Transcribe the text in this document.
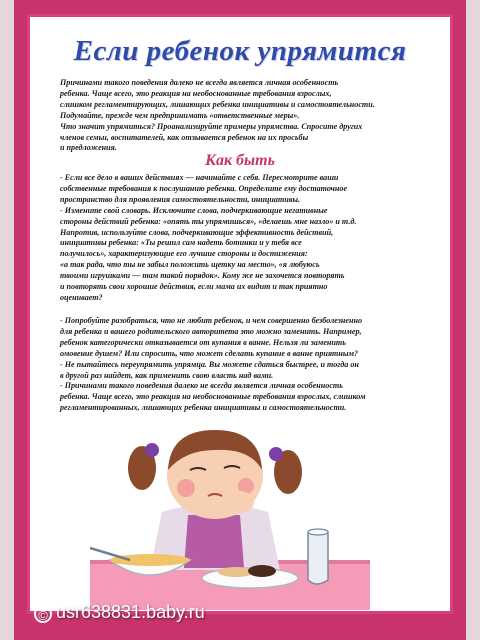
Если ребенок упрямится

Причинами такого поведения далеко не всегда является личная особенность

ребенка. Чаще всего, это реакция на необоснованные требования взрослых,

слишком регламентирующих, лишающих ребенка инициативы и самостоятельности.

Подумайте, прежде чем предпринимать «ответственные меры».

Что значит упрямиться? Проанализируйте примеры упрямства. Спросите других

членов семьи, воспитателей, как отзывается ребенок на их просьбы

и предложения.

Как быть

- Если все дело в ваших действиях — начинайте с себя. Пересмотрите ваши

собственные требования к послушанию ребенка. Определите ему достаточное

пространство для проявления самостоятельности, инициативы.

- Измените свой словарь. Исключите слова, подчеркивающие негативные

стороны действий ребенка: «опять ты упрямишься», «делаешь мне назло» и т.д.

Напротив, используйте слова, подчеркивающие эффективность действий,

инициативы ребенка: «Ты решил сам надеть ботинки и у тебя все

получилось», характеризующие его лучшие стороны и достижения:

«а так рада, что ты не забыл положить щетку на место», «я любуюсь

твоими игрушками — там такой порядок». Кому же не захочется повторять

и повторять свои хорошие действия, если мама их видит и так приятно

оценивает?

- Попробуйте разобраться, что не любит ребенок, и чем совершенно безболезненно

для ребенка и вашего родительского авторитета это можно заменить. Например,

ребенок категорически отказывается от купания в ванне. Нельзя ли заменить

омовение душем? Или спросить, что может сделать купание в ванне приятным?

- Не пытайтесь переупрямить упрямца. Вы можете сдаться быстрее, и тогда он

в другой раз найдет, как применить свою власть над вами.

- Причинами такого поведения далеко не всегда является личная особенность

ребенка. Чаще всего, это реакция на необоснованные требования взрослых, слишком

регламентированных, лишающих ребенка инициативы и самостоятельности.

© usr638831.baby.ru
